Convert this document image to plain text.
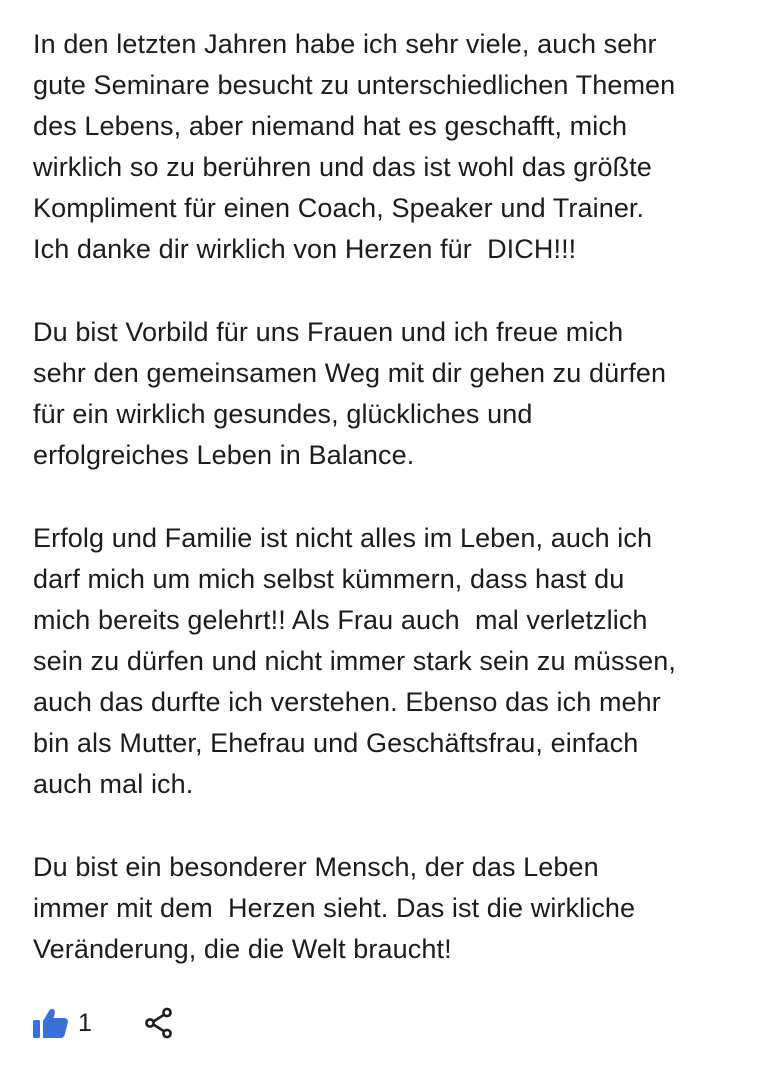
In den letzten Jahren habe ich sehr viele, auch sehr
gute Seminare besucht zu unterschiedlichen Themen
des Lebens, aber niemand hat es geschafft, mich
wirklich so zu berühren und das ist wohl das größte
Kompliment für einen Coach, Speaker und Trainer.
Ich danke dir wirklich von Herzen für  DICH!!!
Du bist Vorbild für uns Frauen und ich freue mich
sehr den gemeinsamen Weg mit dir gehen zu dürfen
für ein wirklich gesundes, glückliches und
erfolgreiches Leben in Balance.
Erfolg und Familie ist nicht alles im Leben, auch ich
darf mich um mich selbst kümmern, dass hast du
mich bereits gelehrt!! Als Frau auch  mal verletzlich
sein zu dürfen und nicht immer stark sein zu müssen,
auch das durfte ich verstehen. Ebenso das ich mehr
bin als Mutter, Ehefrau und Geschäftsfrau, einfach
auch mal ich.
Du bist ein besonderer Mensch, der das Leben
immer mit dem  Herzen sieht. Das ist die wirkliche
Veränderung, die die Welt braucht!
1
